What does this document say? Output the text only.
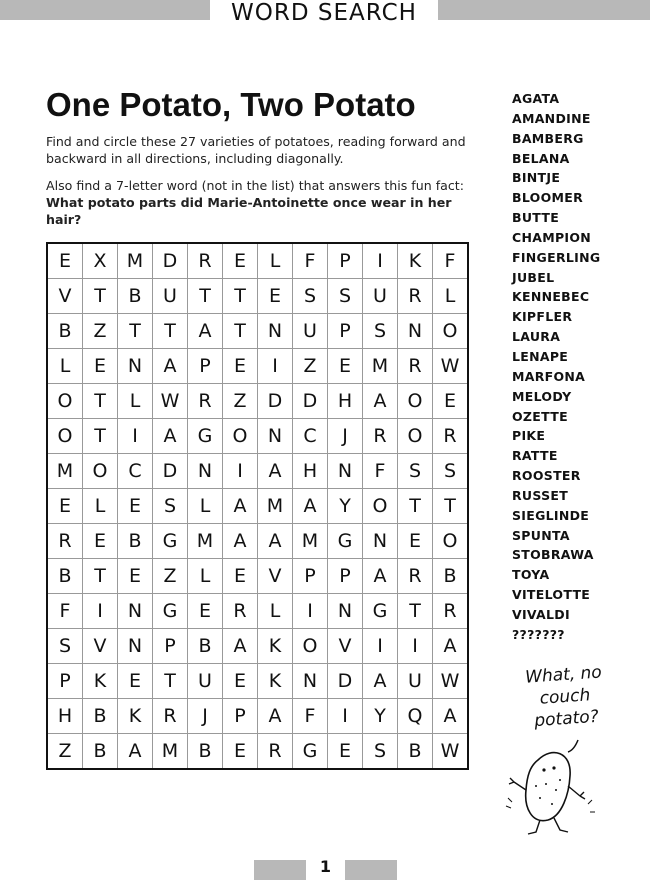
WORD SEARCH
One Potato, Two Potato
Find and circle these 27 varieties of potatoes, reading forward and backward in all directions, including diagonally.
Also find a 7-letter word (not in the list) that answers this fun fact:
What potato parts did Marie-Antoinette once wear in her hair?
E	X	M	D	R	E	L	F	P	I	K	F
V	T	B	U	T	T	E	S	S	U	R	L
B	Z	T	T	A	T	N	U	P	S	N	O
L	E	N	A	P	E	I	Z	E	M	R	W
O	T	L	W	R	Z	D	D	H	A	O	E
O	T	I	A	G	O	N	C	J	R	O	R
M	O	C	D	N	I	A	H	N	F	S	S
E	L	E	S	L	A	M	A	Y	O	T	T
R	E	B	G	M	A	A	M	G	N	E	O
B	T	E	Z	L	E	V	P	P	A	R	B
F	I	N	G	E	R	L	I	N	G	T	R
S	V	N	P	B	A	K	O	V	I	I	A
P	K	E	T	U	E	K	N	D	A	U W
H	B	K	R	J	P	A	F	I	Y	Q	A
Z	B	A	M	B	E	R	G	E	S	B	W
AGATA
AMANDINE
BAMBERG
BELANA
BINTJE
BLOOMER
BUTTE
CHAMPION
FINGERLING
JUBEL
KENNEBEC
KIPFLER
LAURA
LENAPE
MARFONA
MELODY
OZETTE
PIKE
RATTE
ROOSTER
RUSSET
SIEGLINDE
SPUNTA
STOBRAWA
TOYA
VITELOTTE
VIVALDI
???????
What, no
couch
potato?
1
